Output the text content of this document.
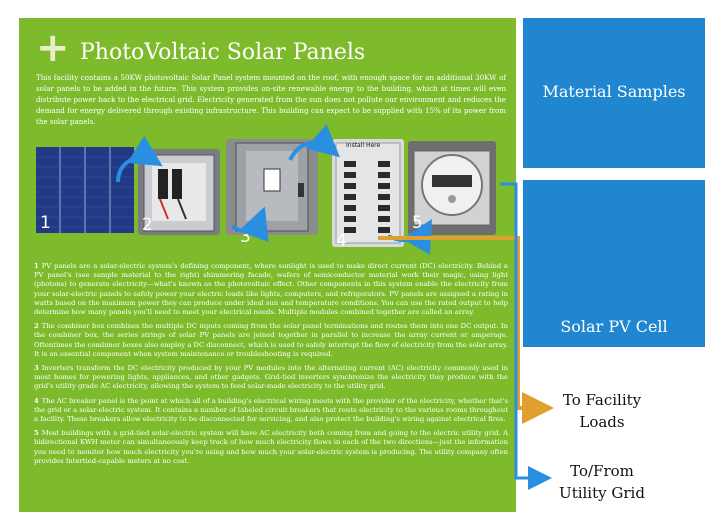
+ PhotoVoltaic Solar Panels
This facility contains a 50KW photovoltaic Solar Panel system mounted on the roof, with enough space for an additional 30KW of solar panels to be added in the future. This system provides on-site renewable energy to the building, which at times will even distribute power back to the electrical grid. Electricity generated from the sun does not pollute our environment and reduces the demand for energy delivered through existing infrastructure. This building can expect to be supplied with 15% of its power from the solar panels.
1	2
3
Install Here
4
5

1 PV panels are a solar-electric system's defining component, where sunlight is used to make direct current (DC) electricity. Behind a PV panel's (see sample material to the right) shimmering facade, wafers of semiconductor material work their magic, using light (photons) to generate electricity—what's known as the photovoltaic effect. Other components in this system enable the electricity from your solar-electric panels to safely power your electric loads like lights, computers, and refrigerators. PV panels are assigned a rating in watts based on the maximum power they can produce under ideal sun and temperature conditions. You can use the rated output to help determine how many panels you'll need to meet your electrical needs. Multiple modules combined together are called an array.

2 The combiner box combines the multiple DC inputs coming from the solar panel terminations and routes them into one DC output. In the combiner box, the series strings of solar PV panels are joined together in parallel to increase the array current or amperage. Oftentimes the combiner boxes also employ a DC disconnect, which is used to safely interrupt the flow of electricity from the solar array. It is an essential component when system maintenance or troubleshooting is required.

3 Inverters transform the DC electricity produced by your PV modules into the alternating current (AC) electricity commonly used in most homes for powering lights, appliances, and other gadgets. Grid-tied inverters synchronize the electricity they produce with the grid's utility grade AC electricity, allowing the system to feed solar-made electricity to the utility grid.

4 The AC breaker panel is the point at which all of a building's electrical wiring meets with the provider of the electricity, whether that's the grid or a solar-electric system. It contains a number of labeled circuit breakers that route electricity to the various rooms throughout a facility. These breakers allow electricity to be disconnected for servicing, and also protect the building's wiring against electrical fires.

5 Most buildings with a grid-tied solar-electric system will have AC electricity both coming from and going to the electric utility grid. A bidirectional KWH meter can simultaneously keep track of how much electricity flows in each of the two directions—just the information you need to monitor how much electricity you're using and how much your solar-electric system is producing. The utility company often provides Intertied-capable meters at no cost.

Material Samples
Solar PV Cell
To Facility
Loads
To/From
Utility Grid
